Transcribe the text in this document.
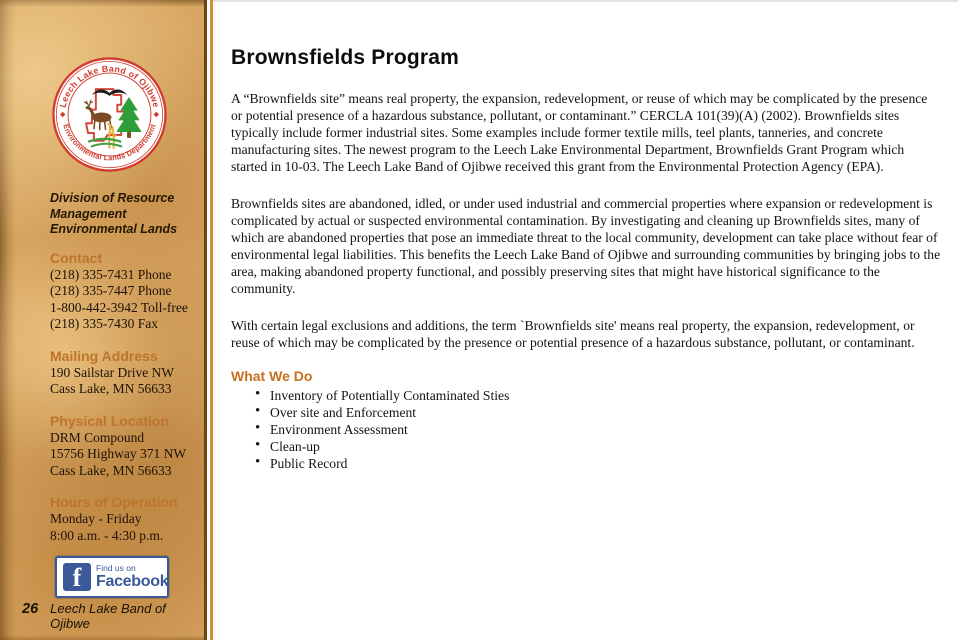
Leech Lake Band of Ojibwe
Environmental Lands Department
Division of Resource
Management
Environmental Lands
Contact
(218) 335-7431 Phone
(218) 335-7447 Phone
1-800-442-3942 Toll-free
(218) 335-7430 Fax
Mailing Address
190 Sailstar Drive NW
Cass Lake, MN 56633
Physical Location
DRM Compound
15756 Highway 371 NW
Cass Lake, MN 56633
Hours of Operation
Monday - Friday
8:00 a.m. - 4:30 p.m.
f	Find us on
Facebook
26 Leech Lake Band of Ojibwe
Brownsfields Program

A “Brownfields site” means real property, the expansion, redevelopment, or reuse of which may be complicated by the presence or potential presence of a hazardous substance, pollutant, or contaminant.” CERCLA 101(39)(A) (2002). Brownfields sites typically include former industrial sites. Some examples include former textile mills, teel plants, tanneries, and concrete manufacturing sites. The newest program to the Leech Lake Environmental Department, Brownfields Grant Program which started in 10-03. The Leech Lake Band of Ojibwe received this grant from the Environmental Protection Agency (EPA).

Brownfields sites are abandoned, idled, or under used industrial and commercial properties where expansion or redevelopment is complicated by actual or suspected environmental contamination. By investigating and cleaning up Brownfields sites, many of which are abandoned properties that pose an immediate threat to the local community, development can take place without fear of environmental legal liabilities. This benefits the Leech Lake Band of Ojibwe and surrounding communities by bringing jobs to the area, making abandoned property functional, and possibly preserving sites that might have historical significance to the community.

With certain legal exclusions and additions, the term `Brownfields site' means real property, the expansion, redevelopment, or reuse of which may be complicated by the presence or potential presence of a hazardous substance, pollutant, or contaminant.

What We Do
• Inventory of Potentially Contaminated Sties
• Over site and Enforcement
• Environment Assessment
• Clean-up
• Public Record
